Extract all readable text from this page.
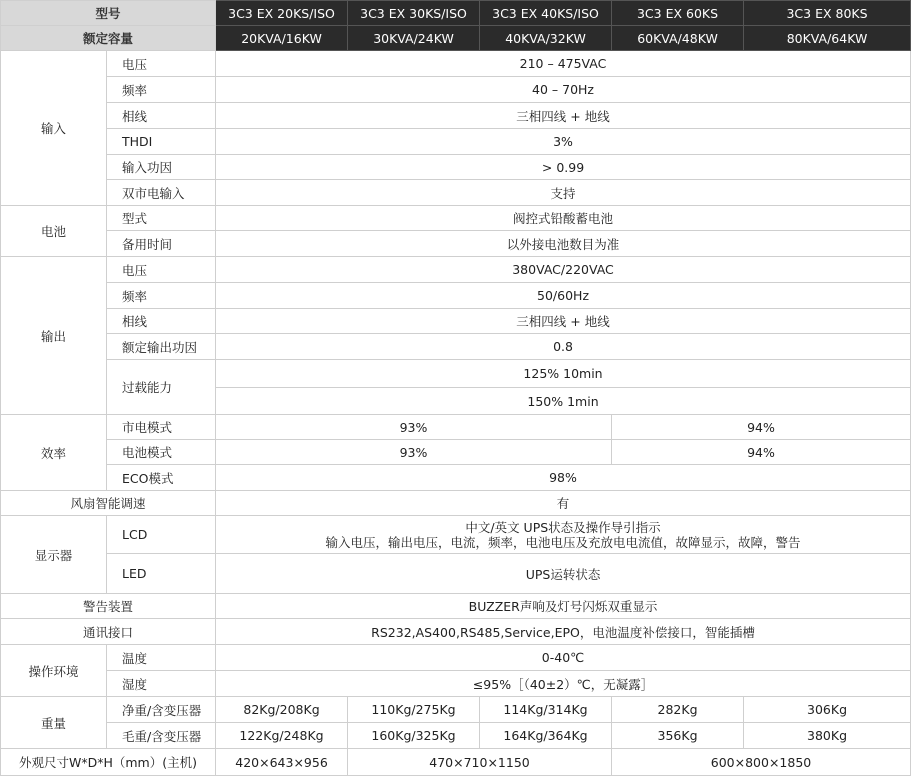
型号		3C3 EX 20KS/ISO	3C3 EX 30KS/ISO	3C3 EX 40KS/ISO	3C3 EX 60KS	3C3 EX 80KS
额定容量		20KVA/16KW	30KVA/24KW	40KVA/32KW	60KVA/48KW	80KVA/64KW
输入	电压	210 – 475VAC				
	频率	40 – 70Hz				
	相线	三相四线 + 地线				
	THDI	3%				
	输入功因	> 0.99				
	双市电输入	支持				
电池	型式	阀控式铅酸蓄电池				
	备用时间	以外接电池数目为准				
输出	电压	380VAC/220VAC				
	频率	50/60Hz				
	相线	三相四线 + 地线				
	额定输出功因	0.8				
	过载能力	125% 10min				
		150% 1min				
效率	市电模式	93%			94%	
	电池模式	93%			94%	
	ECO模式	98%				
风扇智能调速		有				
显示器	LCD	中文/英文 UPS状态及操作导引指示
输入电压，输出电压，电流，频率，电池电压及充放电电流值，故障显示，故障，警告				

	LED	UPS运转状态				
警告装置		BUZZER声响及灯号闪烁双重显示				
通讯接口		RS232,AS400,RS485,Service,EPO，电池温度补偿接口，智能插槽				
操作环境	温度	0-40℃				
	湿度	≤95%［（40±2）℃，无凝露］				
重量	净重/含变压器	82Kg/208Kg	110Kg/275Kg	114Kg/314Kg	282Kg	306Kg
	毛重/含变压器	122Kg/248Kg	160Kg/325Kg	164Kg/364Kg	356Kg	380Kg
外观尺寸W*D*H（mm）(主机)		420×643×956	470×710×1150		600×800×1850	
